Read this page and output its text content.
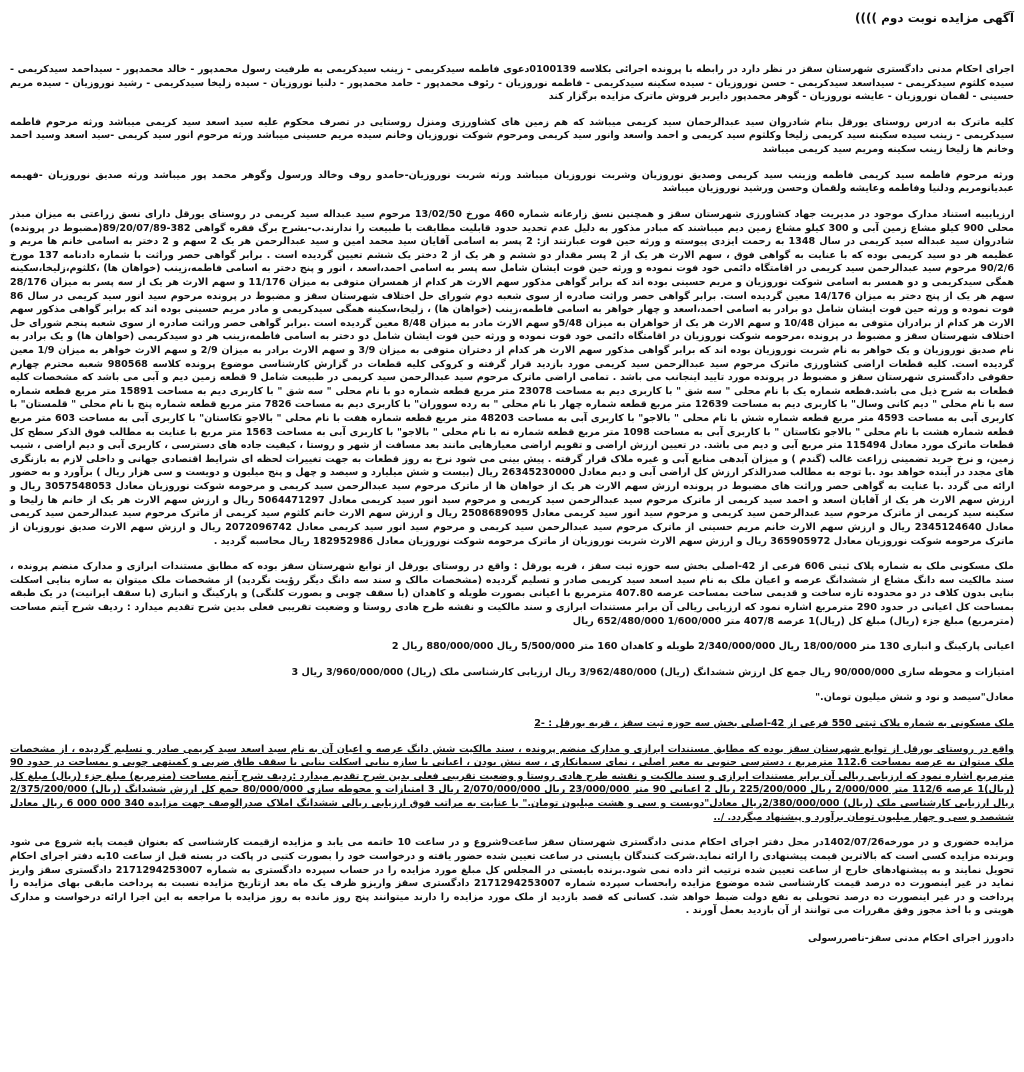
آگهی مزایده نوبت دوم ))))

اجرای احکام مدنی دادگستری شهرستان سقز در نظر دارد در رابطه با پرونده اجرائی بکلاسه 0100139دعوی فاطمه سیدکریمی - زینب سیدکریمی به طرفیت رسول محمدپور - خالد محمدپور - سیداحمد سیدکریمی - سیده کلثوم سیدکریمی - سیداسعد سیدکریمی - حسن نوروزیان - سیده سکینه سیدکریمی - فاطمه نوروزیان - رئوف محمدپور - حامد محمدپور - دلنیا نوروزیان - سیده زلیخا سیدکریمی - رشید نوروزیان - سیده مریم حسینی - لقمان نوروزیان - عایشه نوروزیان - گوهر محمدپور دایربر فروش ماترک مزایده برگزار کند

کلیه ماترک به ادرس روستای یورقل بنام شادروان سید عبدالرحمان سید کریمی میباشد که هم زمین های کشاورزی ومنزل روستایی در تصرف محکوم علیه سید اسعد سید کریمی میباشد ورثه مرحوم فاطمه سیدکریمی - زینب سیده سکینه سید کریمی زلیخا وکلثوم سید کریمی و احمد واسعد وانور سید کریمی ومرحوم شوکت نوروزیان وخانم سیده مریم حسینی میباشد ورثه مرحوم انور سید کریمی -سید اسعد وسید احمد وخانم ها زلیخا زینب سکینه ومریم سید کریمی میباشد

ورثه مرحوم فاطمه سید کریمی فاطمه وزینب سید کریمی وصدیق نوروزیان وشربت نوروزیان میباشد ورثه شربت نوروزیان-حامدو روف وخالد ورسول وگوهر محمد پور میباشد ورثه صدیق نوروزیان -فهیمه عبدیانومریم ودلنیا وفاطمه وعایشه ولقمان وحسن ورشید نوروزیان میباشد

ارزیابیبه استناد مدارک موجود در مدیریت جهاد کشاورزی شهرستان سقز و همچنین نسق زارعانه شماره 460 مورخ 13/02/50 مرحوم سید عبداله سید کریمی در روستای یورقل دارای نسق زراعتی به میزان مبذر محلی 900 کیلو مشاع زمین آبی و 300 کیلو مشاع زمین دیم میباشند که مبادر مذکور به دلیل عدم تحدید حدود قابلیت مطابقت با طبیعت را ندارند.ب-بشرح برگ فقره گواهی 382-89/20/07/89(مضبوط در پرونده) شادروان سید عبداله سید کریمی در سال 1348 به رحمت ایزدی پیوسته و ورثه حین فوت عبارتند از: 2 پسر به اسامی آقایان سید محمد امین و سید عبدالرحمن هر یک 2 سهم و 2 دختر به اسامی خانم ها مریم و عظیمه هر دو سید کریمی بوده که با عنایت به گواهی فوق ، سهم الارث هر یک از 2 پسر مقدار دو ششم و هر یک از 2 دختر یک ششم تعیین گردیده است . برابر گواهی حصر وراثت با شماره دادنامه 137 مورخ 90/2/6 مرحوم سید عبدالرحمن سید کریمی در اقامتگاه دائمی خود فوت نموده و ورثه حین فوت ایشان شامل سه پسر به اسامی احمد،اسعد ، انور و پنج دختر به اسامی فاطمه،زینب (خواهان ها) ،کلثوم،زلیخا،سکینه همگی سیدکریمی و دو همسر به اسامی شوکت نوروزیان و مریم حسینی بوده اند که برابر گواهی مذکور سهم الارث هر کدام از همسران متوفی به میزان 11/176 و سهم الارث هر یک از سه پسر به میزان 28/176 سهم هر یک از پنج دختر به میزان 14/176 معین گردیده است. برابر گواهی حصر وراثت صادره از سوی شعبه دوم شورای حل اختلاف شهرستان سقز و مضبوط در پرونده مرحوم سید انور سید کریمی در سال 86 فوت نموده و ورثه حین فوت ایشان شامل دو برادر به اسامی احمد،اسعد و چهار خواهر به اسامی فاطمه،زینب (خواهان ها) ، زلیخا،سکینه همگی سیدکریمی و مادر مریم حسینی بوده اند که برابر گواهی مذکور سهم الارث هر کدام از برادران متوفی به میزان 10/48 و سهم الارث هر یک از خواهران به میزان 5/48و سهم الارث مادر به میزان 8/48 معین گردیده است .برابر گواهی حصر وراثت صادره از سوی شعبه پنجم شورای حل اختلاف شهرستان سقز و مضبوط در پرونده ،مرحومه شوکت نوروزیان در اقامتگاه دائمی خود فوت نموده و ورثه حین فوت ایشان شامل دو دختر به اسامی فاطمه،زینب هر دو سیدکریمی (خواهان ها) و یک برادر به نام صدیق نوروزیان و یک خواهر به نام شربت نوروزیان بوده اند که برابر گواهی مذکور سهم الارث هر کدام از دختران متوفی به میزان 3/9 و سهم الارث برادر به میزان 2/9 و سهم الارث خواهر به میزان 1/9 معین گردیده است. کلیه قطعات اراضی کشاورزی ماترک مرحوم سید عبدالرحمن سید کریمی مورد بازدید قرار گرفته و کروکی کلیه قطعات در گزارش کارشناسی موضوع پرونده کلاسه 980568 شعبه محترم چهارم حقوقی دادگستری شهرستان سقز و مضبوط در پرونده مورد تایید اینجانب می باشد . تمامی اراضی ماترک مرحوم سید عبدالرحمن سید کریمی در طبیعت شامل 9 قطعه زمین دیم و آبی می باشد که مشخصات کلیه قطعات به شرح ذیل می باشد.قطعه شماره یک با نام محلی " سه شق " با کاربری دیم به مساحت 23078 متر مربع قطعه شماره دو با نام محلی " سه شق " با کاربری دیم به مساحت 15891 متر مربع قطعه شماره سه با نام محلی " دیم کانی وسال" با کاربری دیم به مساحت 12639 متر مربع قطعه شماره چهار با نام محلی " به رده سووران" با کاربری دیم به مساحت 7826 متر مربع قطعه شماره پنج با نام محلی " قلمستان" با کاربری آبی به مساحت 4593 متر مربع قطعه شماره شش با نام محلی " بالاجو" با کاربری آبی به مساحت 48203 متر مربع قطعه شماره هفت با نام محلی " بالاجو تکاستان" با کاربری آبی به مساحت 603 متر مربع قطعه شماره هشت با نام محلی " بالاجو تکاستان " با کاربری آبی به مساحت 1098 متر مربع قطعه شماره نه با نام محلی " بالاجو" با کاربری آبی به مساحت 1563 متر مربع با عنایت به مطالب فوق الذکر سطح کل قطعات ماترک مورد معادل 115494 متر مربع آبی و دیم می باشد. در تعیین ارزش اراضی و تقویم اراضی معیارهایی مانند بعد مسافت از شهر و روستا ، کیفیت جاده های دسترسی ، کاربری آبی و دیم اراضی ، شیب زمین، و نرخ خرید تضمینی زراعت غالب (گندم ) و میزان آبدهی منابع آبی و غیره ملاک قرار گرفته . پیش بینی می شود نرخ به روز قطعات به جهت تغییرات لحظه ای شرایط اقتصادی جهانی و داخلی لازم به بازنگری های مجدد در آینده خواهد بود .با توجه به مطالب صدرالذکر ارزش کل اراضی آبی و دیم معادل 26345230000 ریال (بیست و شش میلیارد و سیصد و چهل و پنج میلیون و دویست و سی هزار ریال ) برآورد و به حضور ارائه می گردد .با عنایت به گواهی حصر وراثت های مضبوط در پرونده ارزش سهم الارث هر یک از خواهان ها از ماترک مرحوم سید عبدالرحمن سید کریمی و مرحومه شوکت نوروزیان معادل 3057548053 ریال و ارزش سهم الارث هر یک از آقایان اسعد و احمد سید کریمی از ماترک مرحوم سید عبدالرحمن سید کریمی و مرحوم سید انور سید کریمی معادل 5064471297 ریال و ارزش سهم الارث هر یک از خانم ها زلیخا و سکینه سید کریمی از ماترک مرحوم سید عبدالرحمن سید کریمی و مرحوم سید انور سید کریمی معادل 2508689095 ریال و ارزش سهم الارث خانم کلثوم سید کریمی از ماترک مرحوم سید عبدالرحمن سید کریمی معادل 2345124640 ریال و ارزش سهم الارث خانم مریم حسینی از ماترک مرحوم سید عبدالرحمن سید کریمی و مرحوم سید انور سید کریمی معادل 2072096742 ریال و ارزش سهم الارث صدیق نوروزیان از ماترک مرحومه شوکت نوروزیان معادل 365905972 ریال و ارزش سهم الارث شربت نوروزیان از ماترک مرحومه شوکت نوروزیان معادل 182952986 ریال محاسبه گردید .

ملک مسکونی ملک به شماره پلاک ثبتی 606 فرعی از 42-اصلی بخش سه حوزه ثبت سقز ، قریه یورقل : واقع در روستای یورقل از توابع شهرستان سقز بوده که مطابق مستندات ابرازی و مدارک منضم پرونده ، سند مالکیت سه دانگ مشاع از ششدانگ عرصه و اعیان ملک به نام سید اسعد سید کریمی صادر و تسلیم گردیده (مشخصات مالک و سند سه دانگ دیگر رؤیت نگردید) از مشخصات ملک میتوان به سازه بنایی اسکلت بنایی بدون کلاف در دو محدوده تازه ساخت و قدیمی ساخت بمساحت عرصه 407.80 مترمربع با اعیانی بصورت طویله و کاهدان (با سقف چوبی و بصورت کلنگی) و پارکینگ و انباری (با سقف ایرانیت) در یک طبقه بمساحت کل اعیانی در حدود 290 مترمربع اشاره نمود که ارزیابی ریالی آن برابر مستندات ابرازی و سند مالکیت و نقشه طرح هادی روستا و وضعیت تقریبی فعلی بدین شرح تقدیم میدارد : ردیف شرح آیتم مساحت (مترمربع) مبلغ جزء (ریال) مبلغ کل (ریال)1 عرصه 407/8 متر 1/600/000 652/480/000 ریال

اعیانی پارکینگ و انباری 130 متر 18/00/000 ریال 2/340/000/000 طویله و کاهدان 160 متر 5/500/000 ریال 880/000/000 ریال 2
امتیازات و محوطه سازی 90/000/000 ریال جمع کل ارزش ششدانگ (ریال) 3/962/480/000 ریال ارزیابی کارشناسی ملک (ریال) 3/960/000/000 ریال 3
معادل"سیصد و نود و شش میلیون تومان."
ملک مسکونی به شماره پلاک ثبتی 550 فرعی از 42-اصلی بخش سه حوزه ثبت سقز ، قریه یورقل : -2

واقع در روستای یورقل از توابع شهرستان سقز بوده که مطابق مستندات ابرازی و مدارک منضم پرونده ، سند مالکیت شش دانگ عرصه و اعیان آن به نام سید اسعد سید کریمی صادر و تسلیم گردیده ، از مشخصات ملک میتوان به عرصه بمساحت 112.6 مترمربع ، دسترسی جنوبی به معبر اصلی ، نمای سیمانکاری ، سه نبش بودن ، اعیانی با سازه بنایی اسکلت بنایی با سقف طاق ضربی و کمیتهی چوبی و بمساحت در حدود 90 مترمربع اشاره نمود که ارزیابی ریالی آن برابر مستندات ابرازی و سند مالکیت و نقشه طرح هادی روستا و وضعیت تقریبی فعلی بدین شرح تقدیم میدارد :ردیف شرح آیتم مساحت (مترمربع) مبلغ جزء (ریال) مبلغ کل (ریال)1 عرصه 112/6 متر 2/000/000 ریال 225/200/000 ریال 2 اعیانی 90 متر 23/000/000 ریال 2/070/000/000 ریال 3 امتیازات و محوطه سازی 80/000/000 جمع کل ارزش ششدانگ (ریال) 2/375/200/000 ریال ارزیابی کارشناسی ملک (ریال) 2/380/000/000ریال معادل"دویست و سی و هشت میلیون تومان." با عنایت به مراتب فوق ارزیابی ریالی ششدانگ املاک صدرالوصف جهت مزایده 340 000 000 6 ریال معادل ششصد و سی و چهار میلیون تومان برآورد و پیشنهاد میگردد. /..

مزایده حضوری و در مورخه1402/07/26در محل دفتر اجرای احکام مدنی دادگستری شهرستان سقز ساعت9شروع و در ساعت 10 خاتمه می یابد و مزایده ازقیمت کارشناسی که بعنوان قیمت پایه شروع می شود وبرنده مزایده کسی است که بالاترین قیمت پیشنهادی را ارائه نماید.شرکت کنندگان بایستی در ساعت تعیین شده حضور یافته و درخواست خود را بصورت کتبی در پاکت در بسته قبل از ساعت 10به دفتر اجرای احکام تحویل نمایند و به پیشنهادهای خارج از ساعت تعیین شده ترتیب اثر داده نمی شود.برنده بایستی در المجلس کل مبلغ مورد مزایده را در حساب سپرده دادگستری به شماره 2171294253007 دادگستری سقز واریز نماید در غیر اینصورت ده درصد قیمت کارشناسی شده موضوع مزایده رابحساب سپرده شماره 2171294253007 دادگستری سقز واریزو ظرف یک ماه بعد ازتاریخ مزایده نسبت به پرداخت مابقی بهای مزایده را پرداخت و در غیر اینصورت ده درصد تحویلی به نفع دولت ضبط خواهد شد. کسانی که قصد بازدید از ملک مورد مزایده را دارند میتوانند پنج روز مانده به روز مزایده با مراجعه به این اجرا ارائه درخواست و مدارک هویتی و با اخذ مجوز وفق مقررات می توانند از آن بازدید بعمل آورند .

دادورز اجرای احکام مدنی سقز-ناصررسولی
